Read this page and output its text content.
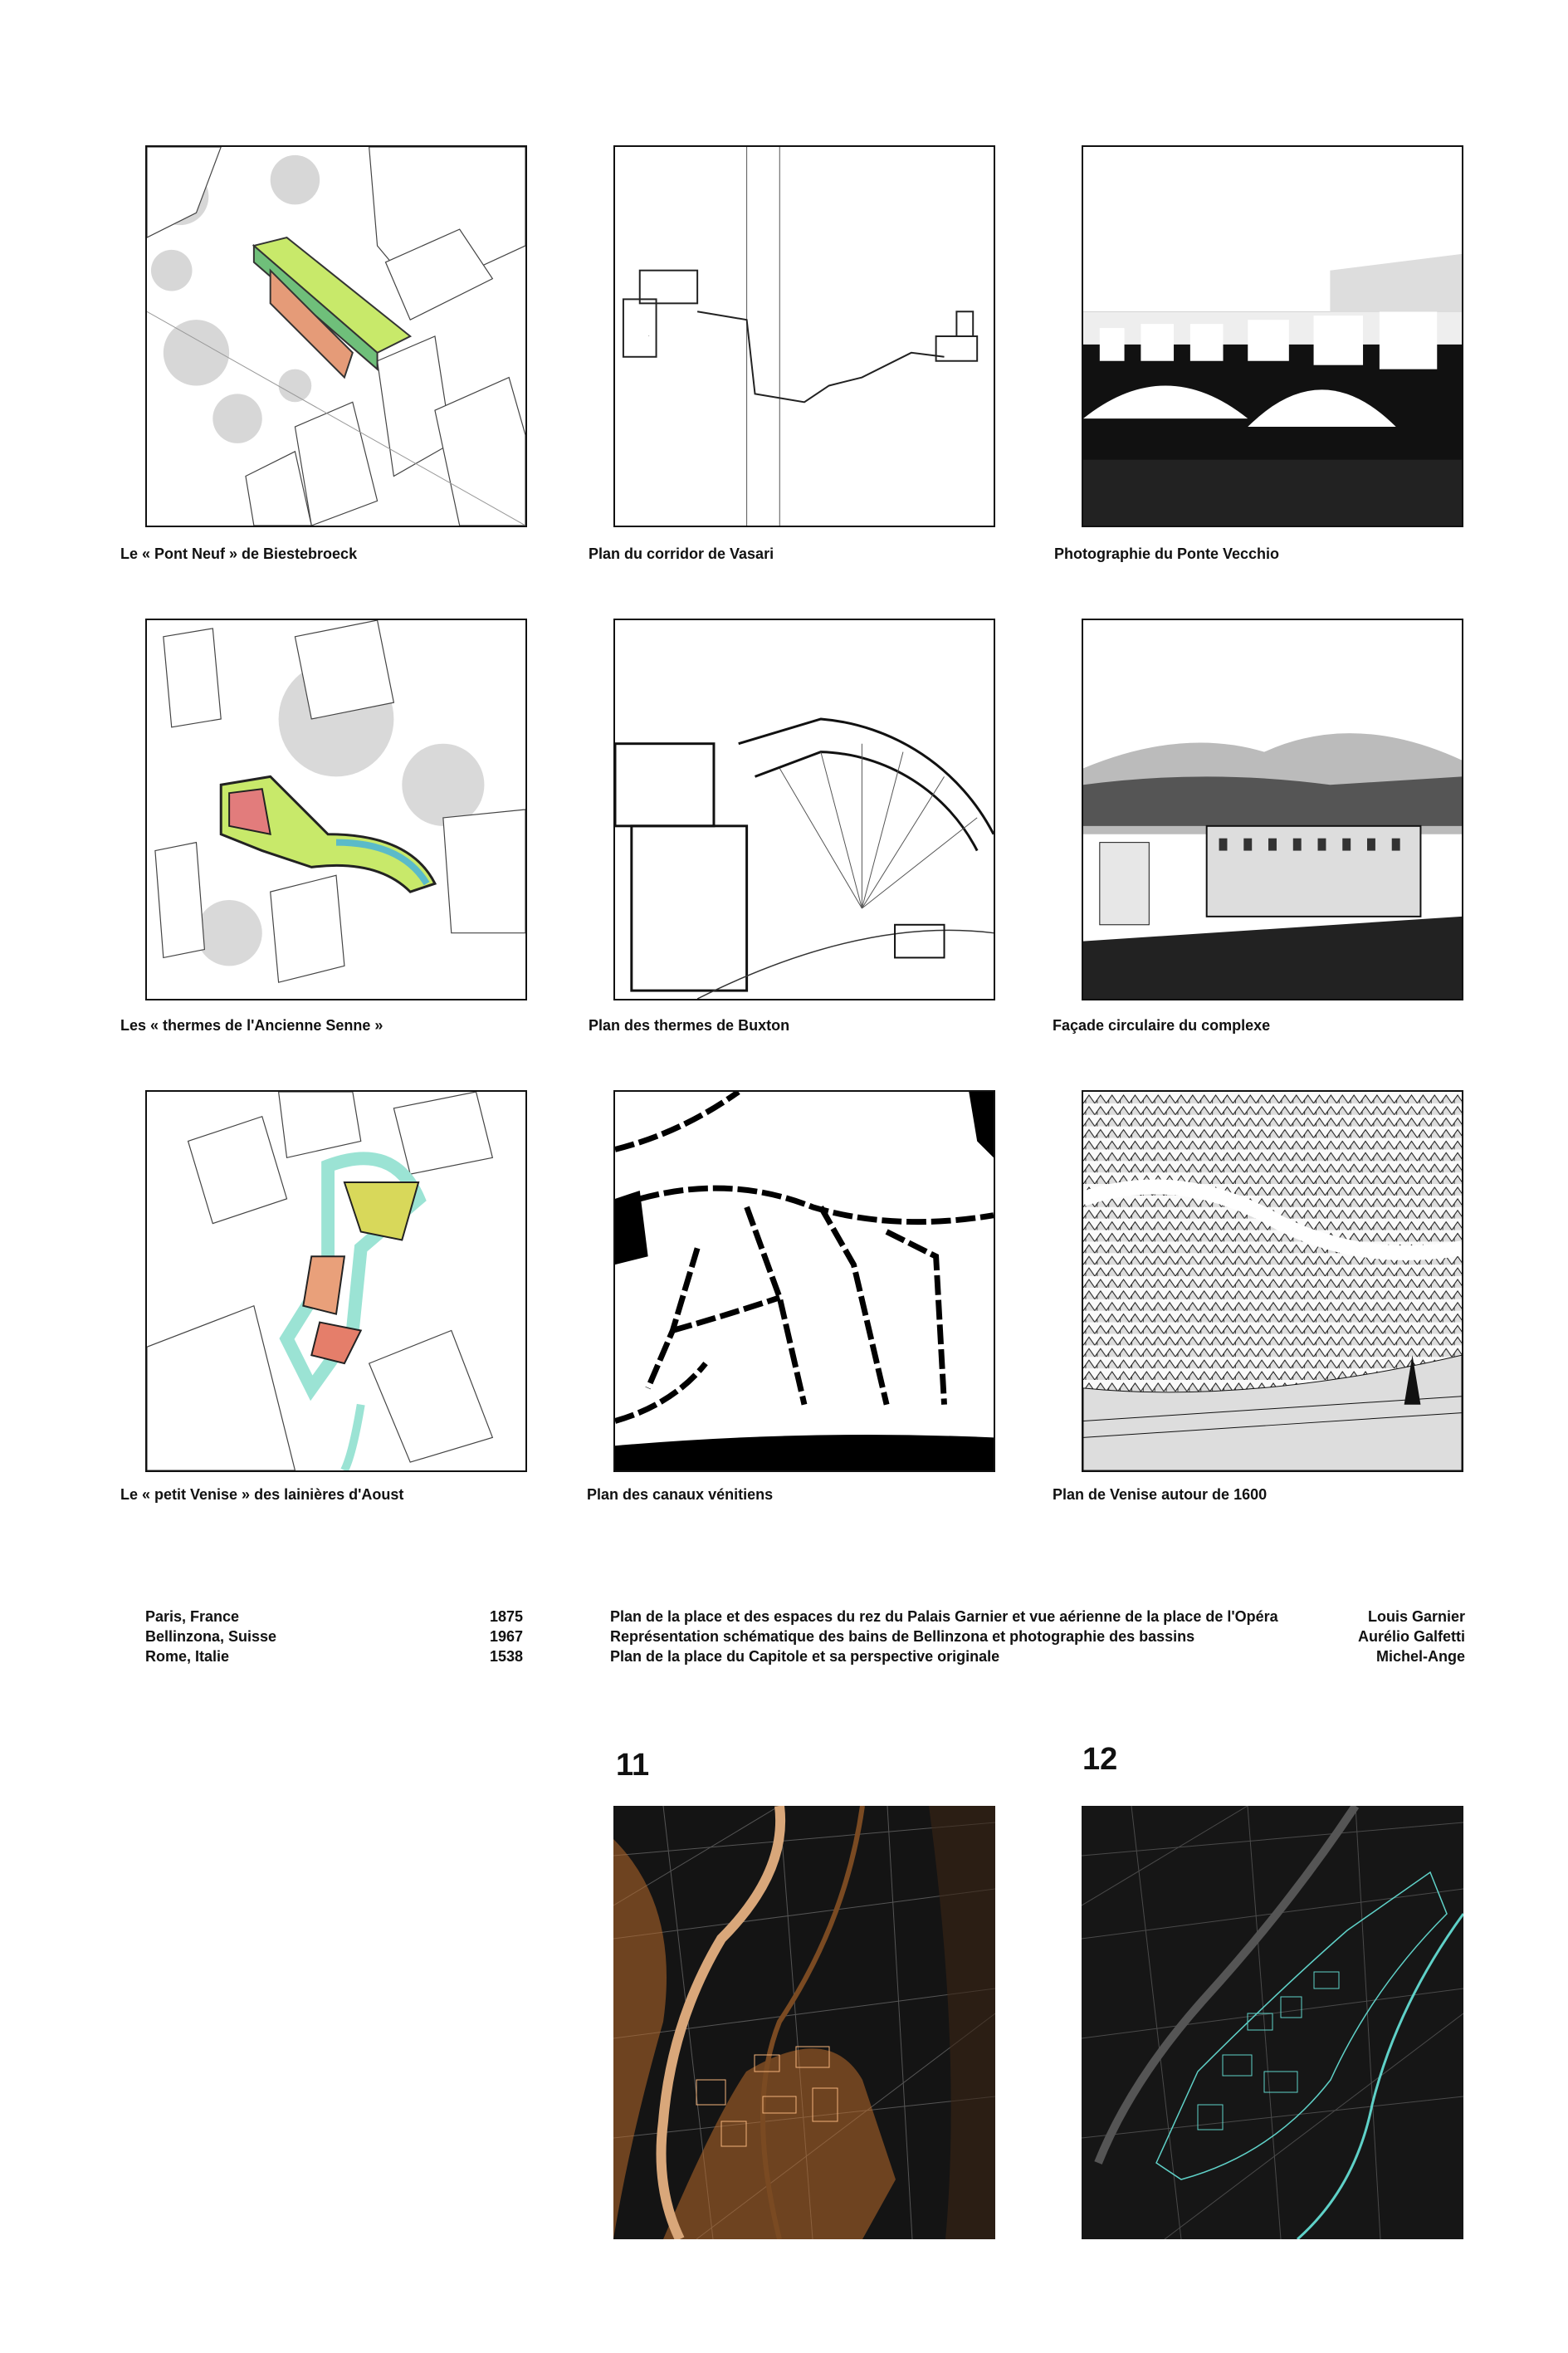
Le « Pont Neuf » de Biestebroeck
.
Plan du corridor de Vasari	Photographie du Ponte Vecchio
Les « thermes de l'Ancienne Senne »	Plan des thermes de Buxton	Façade circulaire du complexe
Le « petit Venise » des lainières d'Aoust	Plan des canaux vénitiens	Plan de Venise autour de 1600
Paris, France	1875	Plan de la place et des espaces du rez du Palais Garnier et vue aérienne de la place de l'Opéra	Louis Garnier
Bellinzona, Suisse	1967	Représentation schématique des bains de Bellinzona et photographie des bassins	Aurélio Galfetti
Rome, Italie	1538	Plan de la place du Capitole et sa perspective originale	Michel-Ange
11	12
